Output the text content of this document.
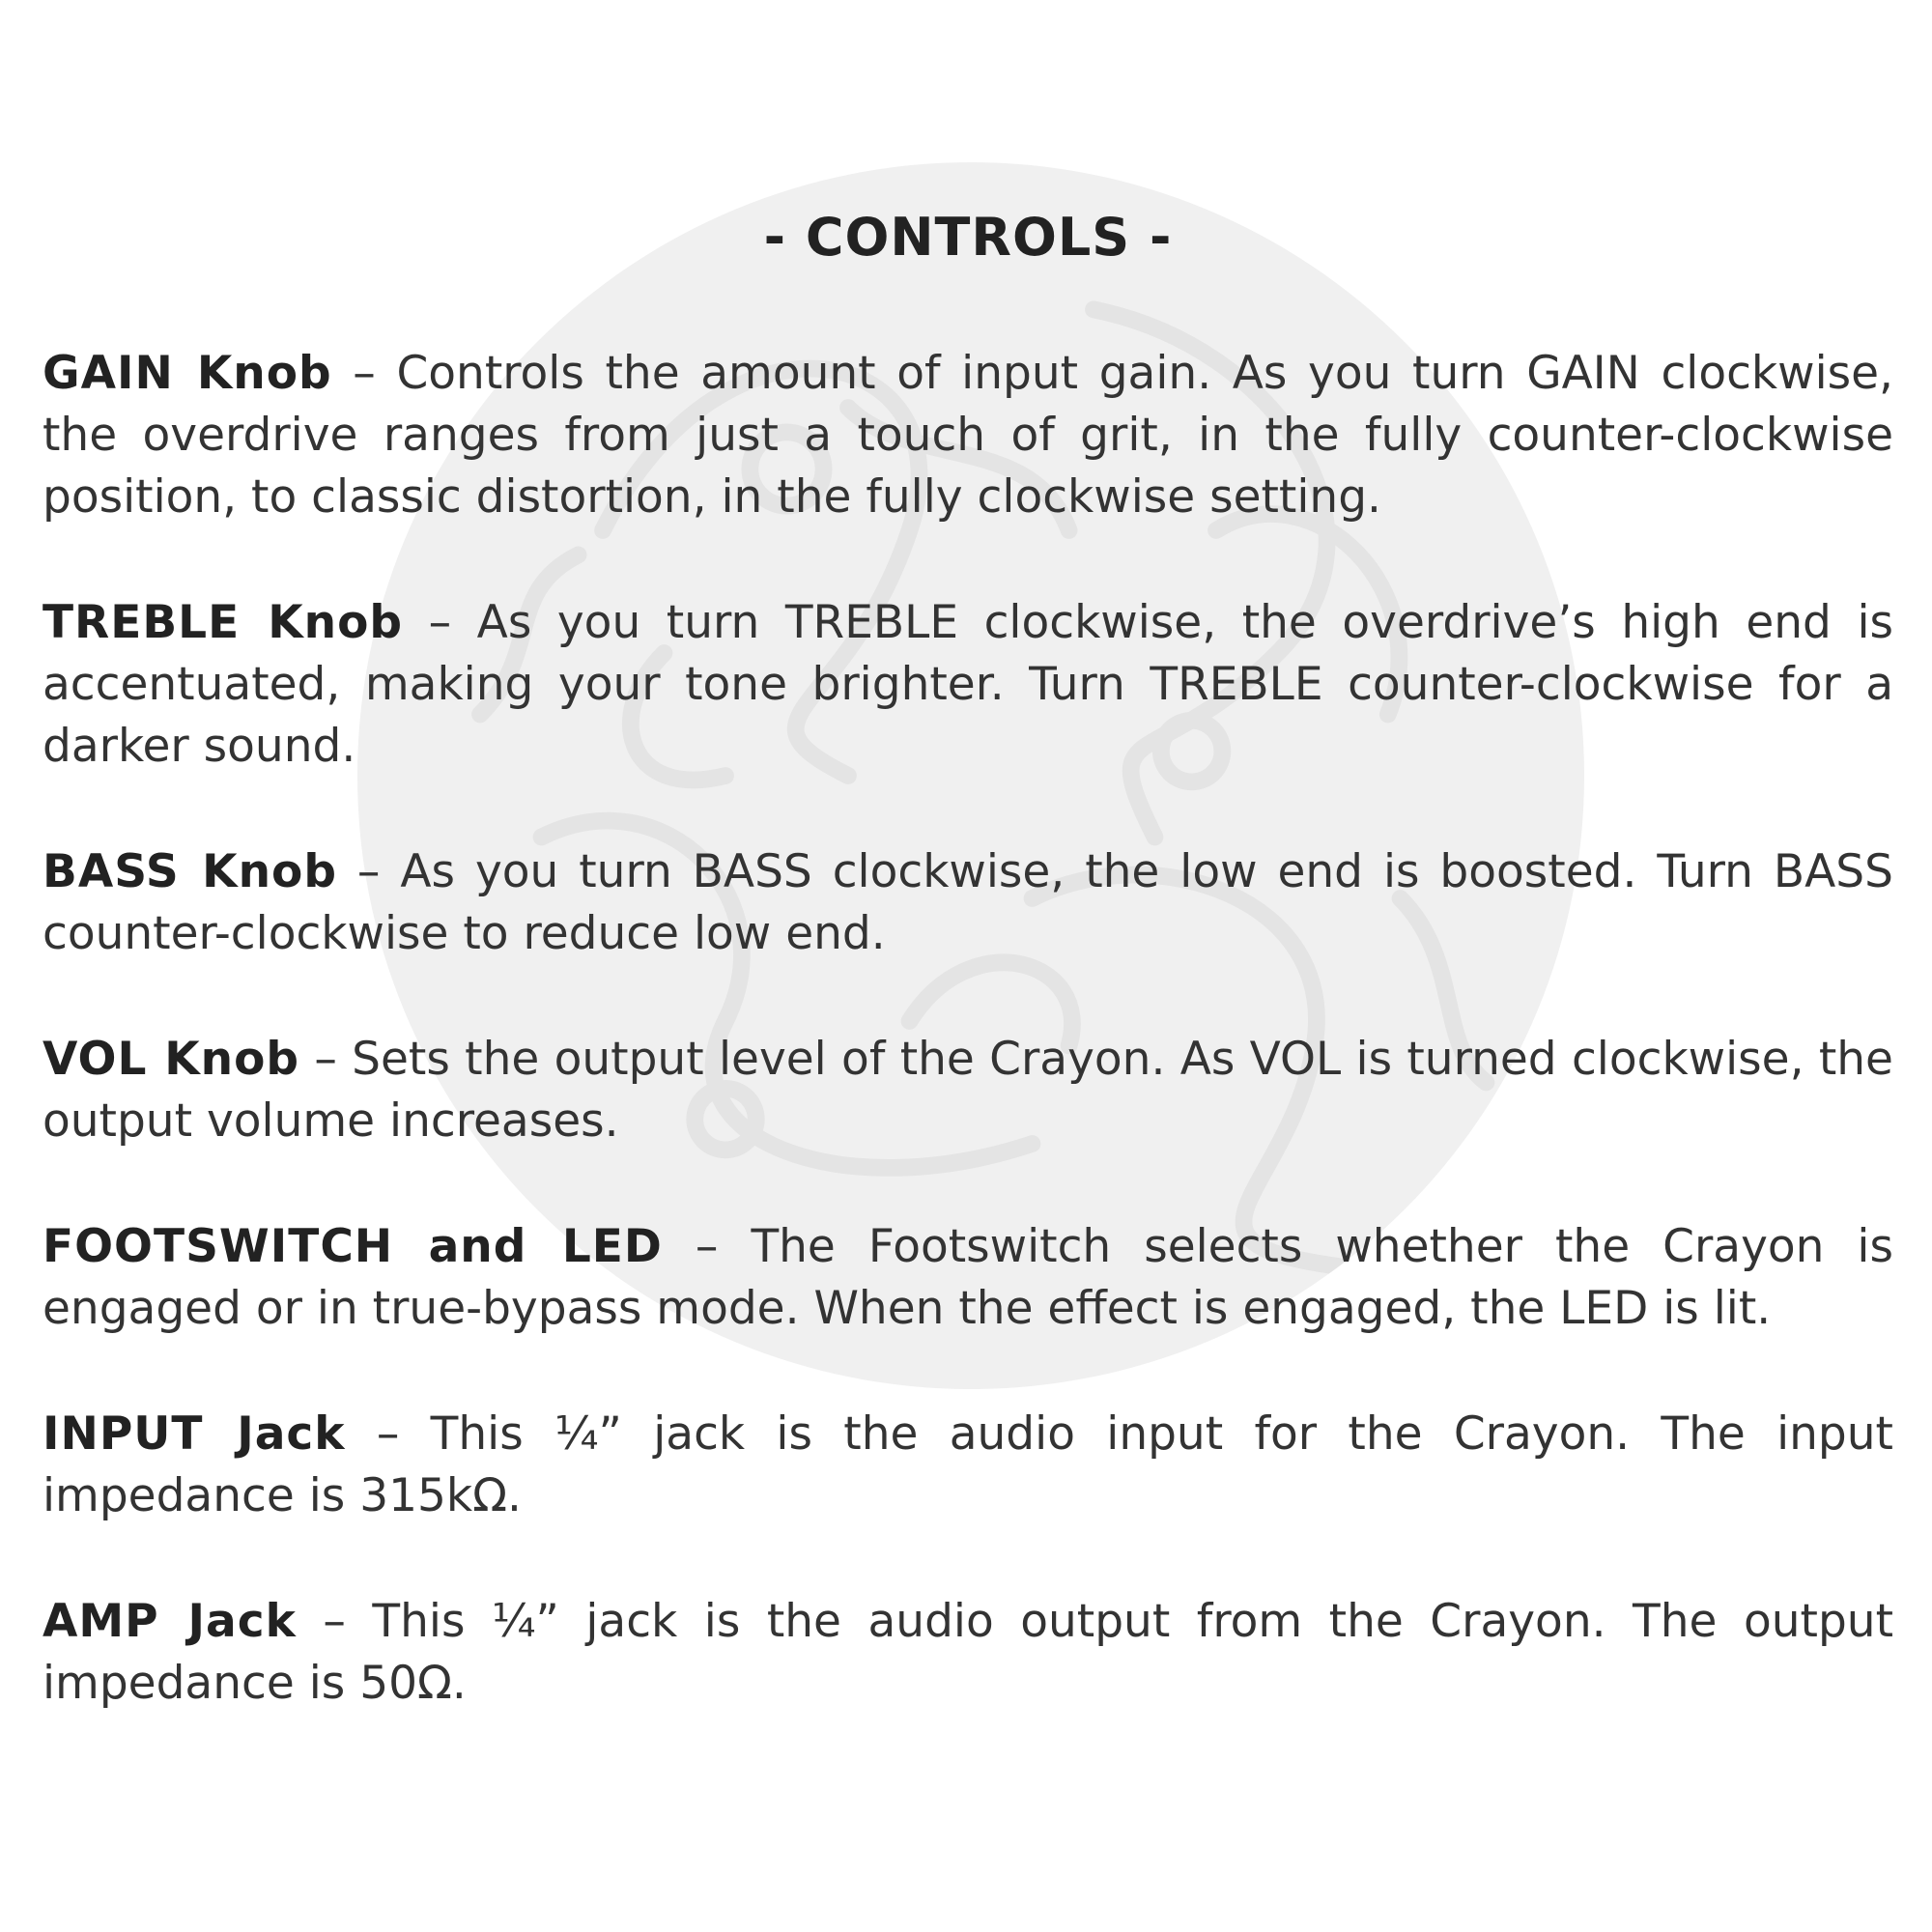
- CONTROLS -

GAIN Knob – Controls the amount of input gain. As you turn GAIN clockwise, the overdrive ranges from just a touch of grit, in the fully counter-clockwise position, to classic distortion, in the fully clockwise setting.

TREBLE Knob – As you turn TREBLE clockwise, the overdrive’s high end is accentuated, making your tone brighter. Turn TREBLE counter-clockwise for a darker sound.

BASS Knob – As you turn BASS clockwise, the low end is boosted. Turn BASS counter-clockwise to reduce low end.

VOL Knob – Sets the output level of the Crayon. As VOL is turned clockwise, the output volume increases.

FOOTSWITCH and LED – The Footswitch selects whether the Crayon is engaged or in true-bypass mode. When the effect is engaged, the LED is lit.

INPUT Jack – This ¼” jack is the audio input for the Crayon. The input impedance is 315kΩ.

AMP Jack – This ¼” jack is the audio output from the Crayon. The output impedance is 50Ω.
